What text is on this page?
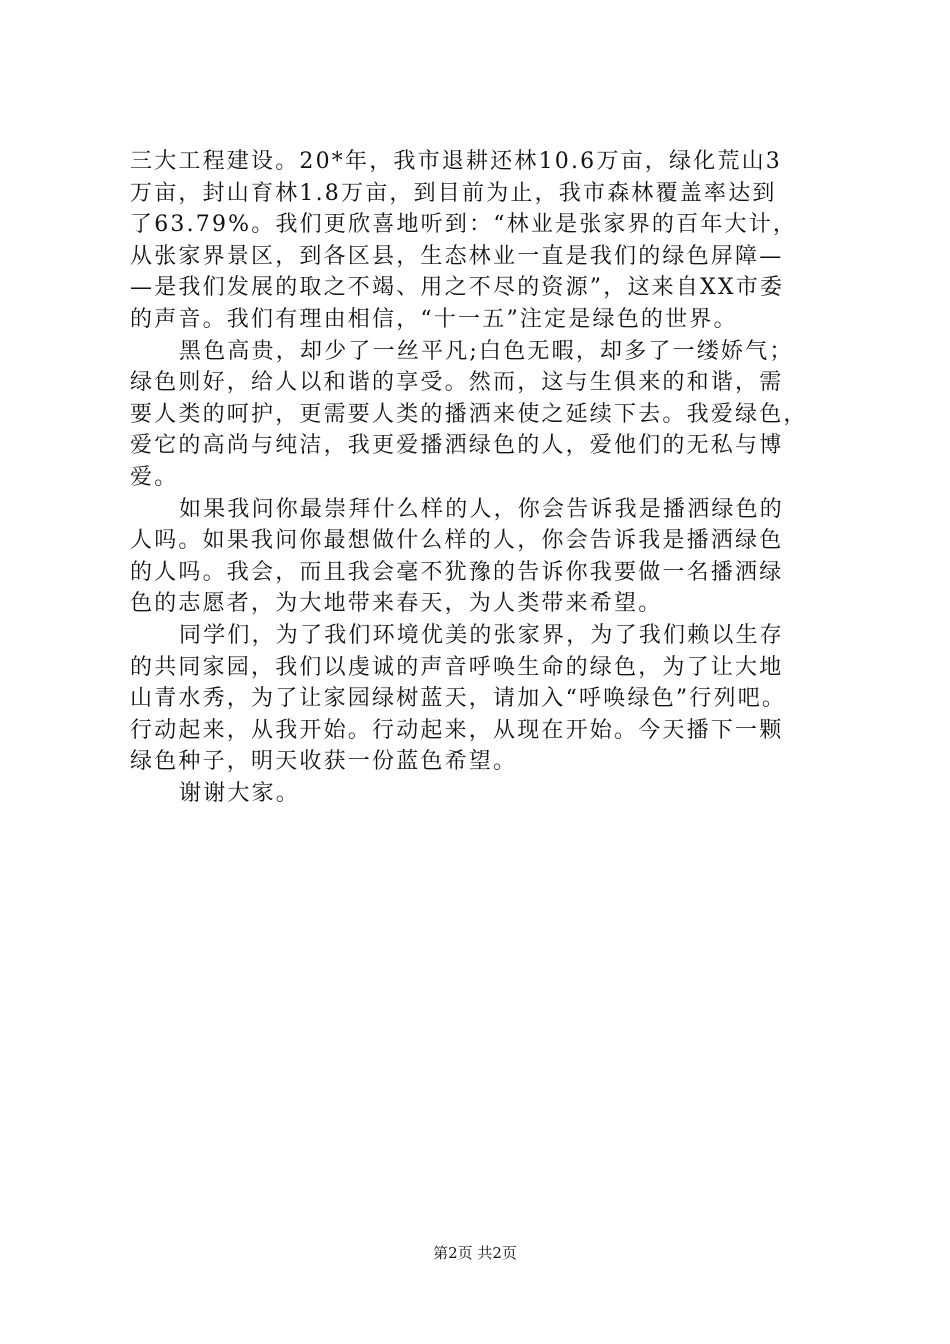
三大工程建设。20*年，我市退耕还林10.6万亩，绿化荒山3
万亩，封山育林1.8万亩，到目前为止，我市森林覆盖率达到
了63.79%。我们更欣喜地听到：“林业是张家界的百年大计，
从张家界景区，到各区县，生态林业一直是我们的绿色屏障—
—是我们发展的取之不竭、用之不尽的资源”，这来自XX市委
的声音。我们有理由相信，“十一五”注定是绿色的世界。
黑色高贵，却少了一丝平凡;白色无暇，却多了一缕娇气；
绿色则好，给人以和谐的享受。然而，这与生俱来的和谐，需
要人类的呵护，更需要人类的播洒来使之延续下去。我爱绿色，
爱它的高尚与纯洁，我更爱播洒绿色的人，爱他们的无私与博
爱。
如果我问你最崇拜什么样的人，你会告诉我是播洒绿色的
人吗。如果我问你最想做什么样的人，你会告诉我是播洒绿色
的人吗。我会，而且我会毫不犹豫的告诉你我要做一名播洒绿
色的志愿者，为大地带来春天，为人类带来希望。
同学们，为了我们环境优美的张家界，为了我们赖以生存
的共同家园，我们以虔诚的声音呼唤生命的绿色，为了让大地
山青水秀，为了让家园绿树蓝天，请加入“呼唤绿色”行列吧。
行动起来，从我开始。行动起来，从现在开始。今天播下一颗
绿色种子，明天收获一份蓝色希望。
谢谢大家。
第2页 共2页
